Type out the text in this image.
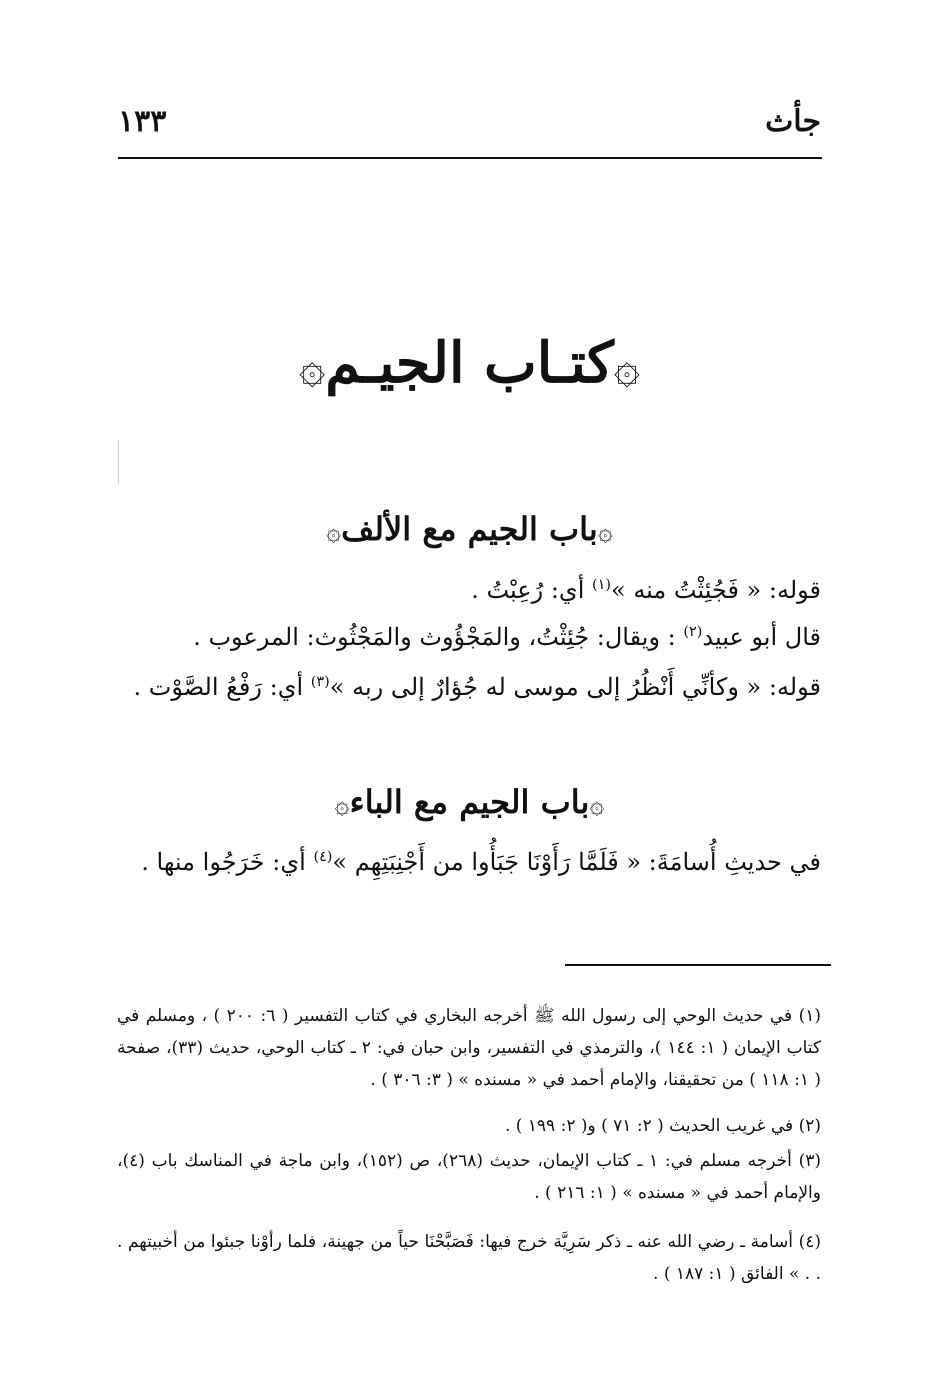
جأث
١٣٣
۞كتـاب الجيـم۞
۞باب الجيم مع الألف۞
قوله: « فَجُئِثْتُ منه »$^{(١)}$ أي: رُعِبْتُ .
قال أبو عبيد$^{(٢)}$ : ويقال: جُئِثْتُ، والمَجْؤُوث والمَجْثُوث: المرعوب .
قوله: « وكأنِّي أَنْظُرُ إلى موسى له جُؤارٌ إلى ربه »$^{(٣)}$ أي: رَفْعُ الصَّوْت .
۞باب الجيم مع الباء۞
في حديثِ أُسامَةَ: « فَلَمَّا رَأَوْنَا جَبَأُوا من أَجْنِبَتِهِم »$^{(٤)}$ أي: خَرَجُوا منها .
(١) في حديث الوحي إلى رسول الله ﷺ أخرجه البخاري في كتاب التفسير ( ٦: ٢٠٠ ) ، ومسلم في كتاب الإيمان ( ١: ١٤٤ )، والترمذي في التفسير، وابن حبان في: ٢ ـ كتاب الوحي، حديث (٣٣)، صفحة ( ١: ١١٨ ) من تحقيقنا، والإمام أحمد في « مسنده » ( ٣: ٣٠٦ ) .
(٢) في غريب الحديث ( ٢: ٧١ ) و( ٢: ١٩٩ ) .
(٣) أخرجه مسلم في: ١ ـ كتاب الإيمان، حديث (٢٦٨)، ص (١٥٢)، وابن ماجة في المناسك باب (٤)، والإمام أحمد في « مسنده » ( ١: ٢١٦ ) .
(٤) أسامة ـ رضي الله عنه ـ ذكر سَرِيَّة خرج فيها: فَصَبَّحْنَا حياً من جهينة، فلما رأوْنا جبئوا من أخبيتهم . . . » الفائق ( ١: ١٨٧ ) .
